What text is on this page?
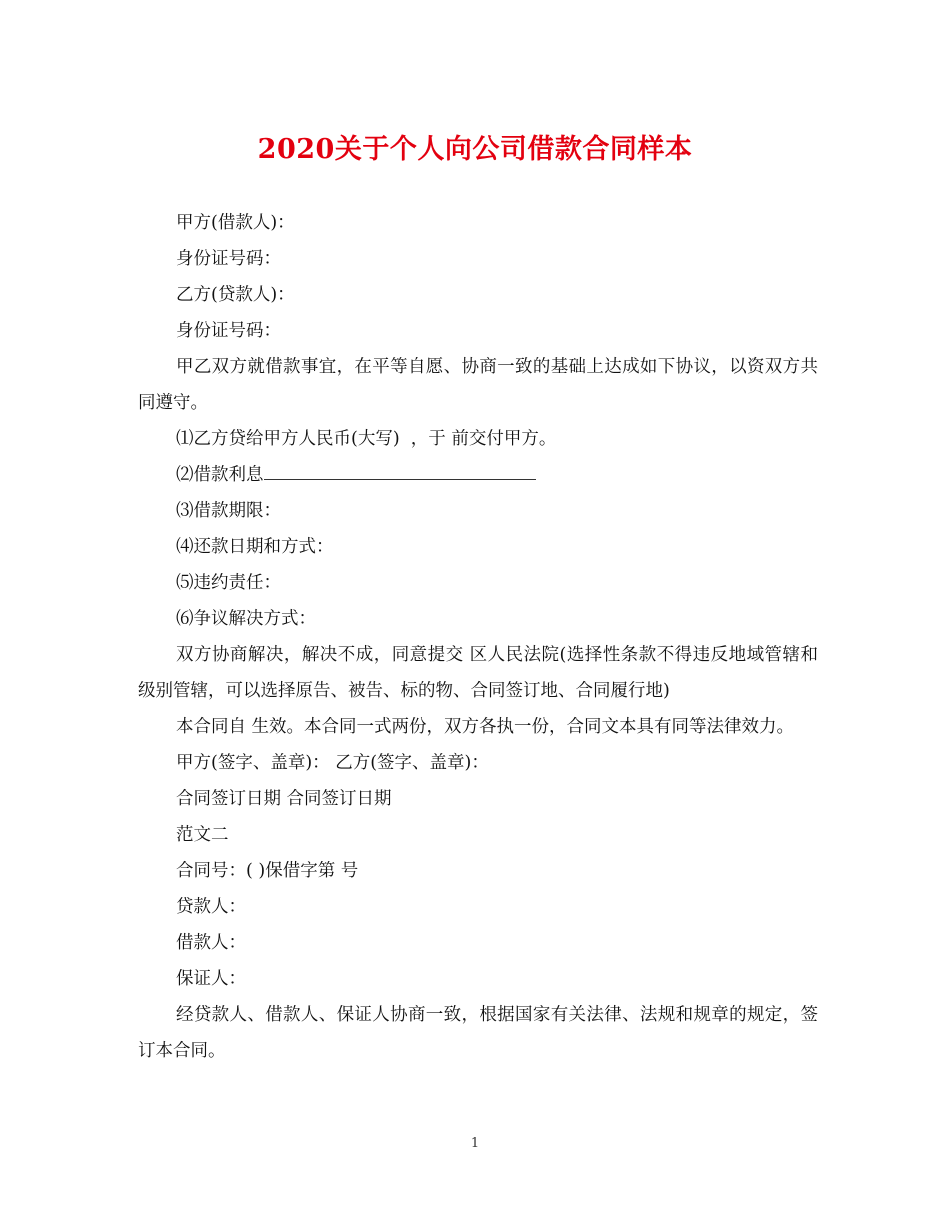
2020关于个人向公司借款合同样本

甲方(借款人)：

身份证号码：

乙方(贷款人)：

身份证号码：

甲乙双方就借款事宜，在平等自愿、协商一致的基础上达成如下协议，以资双方共同遵守。

⑴乙方贷给甲方人民币(大写)  ，于 前交付甲方。

⑵借款利息

⑶借款期限：

⑷还款日期和方式：

⑸违约责任：

⑹争议解决方式：

双方协商解决，解决不成，同意提交 区人民法院(选择性条款不得违反地域管辖和级别管辖，可以选择原告、被告、标的物、合同签订地、合同履行地)

本合同自 生效。本合同一式两份，双方各执一份，合同文本具有同等法律效力。

甲方(签字、盖章)： 乙方(签字、盖章)：

合同签订日期 合同签订日期

范文二

合同号：( )保借字第 号

贷款人：

借款人：

保证人：

经贷款人、借款人、保证人协商一致，根据国家有关法律、法规和规章的规定，签订本合同。

1
